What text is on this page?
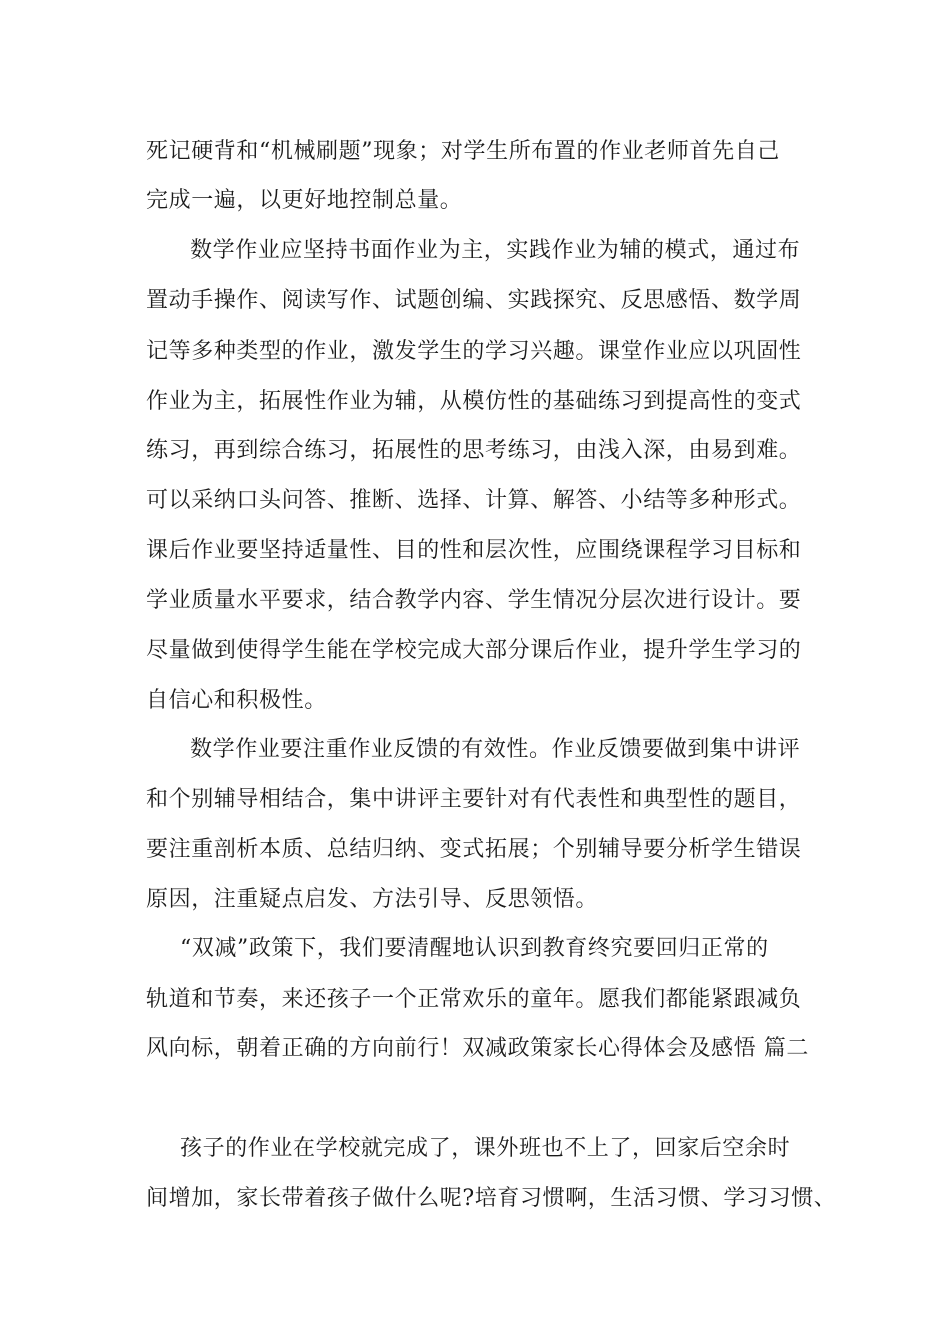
死记硬背和“机械刷题”现象；对学生所布置的作业老师首先自己

完成一遍，以更好地控制总量。

数学作业应坚持书面作业为主，实践作业为辅的模式，通过布

置动手操作、阅读写作、试题创编、实践探究、反思感悟、数学周

记等多种类型的作业，激发学生的学习兴趣。课堂作业应以巩固性

作业为主，拓展性作业为辅，从模仿性的基础练习到提高性的变式

练习，再到综合练习，拓展性的思考练习，由浅入深，由易到难。

可以采纳口头问答、推断、选择、计算、解答、小结等多种形式。

课后作业要坚持适量性、目的性和层次性，应围绕课程学习目标和

学业质量水平要求，结合教学内容、学生情况分层次进行设计。要

尽量做到使得学生能在学校完成大部分课后作业，提升学生学习的

自信心和积极性。

数学作业要注重作业反馈的有效性。作业反馈要做到集中讲评

和个别辅导相结合，集中讲评主要针对有代表性和典型性的题目，

要注重剖析本质、总结归纳、变式拓展；个别辅导要分析学生错误

原因，注重疑点启发、方法引导、反思领悟。

“双减”政策下，我们要清醒地认识到教育终究要回归正常的

轨道和节奏，来还孩子一个正常欢乐的童年。愿我们都能紧跟减负

风向标，朝着正确的方向前行！双减政策家长心得体会及感悟 篇二

孩子的作业在学校就完成了，课外班也不上了，回家后空余时

间增加，家长带着孩子做什么呢?培育习惯啊，生活习惯、学习习惯、
